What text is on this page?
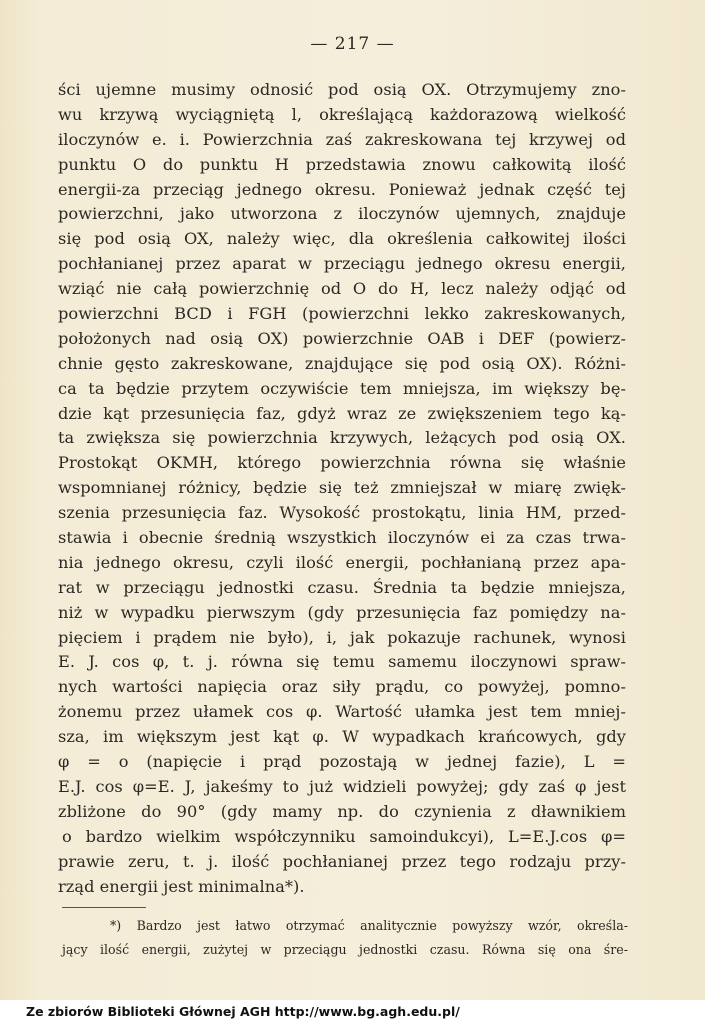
— 217 —
ści ujemne musimy odnosić pod osią OX. Otrzymujemy zno-
wu krzywą wyciągniętą l, określającą każdorazową wielkość
iloczynów e. i. Powierzchnia zaś zakreskowana tej krzywej od
punktu O do punktu H przedstawia znowu całkowitą ilość
energii-za przeciąg jednego okresu. Ponieważ jednak część tej
powierzchni, jako utworzona z iloczynów ujemnych, znajduje
się pod osią OX, należy więc, dla określenia całkowitej ilości
pochłanianej przez aparat w przeciągu jednego okresu energii,
wziąć nie całą powierzchnię od O do H, lecz należy odjąć od
powierzchni BCD i FGH (powierzchni lekko zakreskowanych,
położonych nad osią OX) powierzchnie OAB i DEF (powierz-
chnie gęsto zakreskowane, znajdujące się pod osią OX). Różni-
ca ta będzie przytem oczywiście tem mniejsza, im większy bę-
dzie kąt przesunięcia faz, gdyż wraz ze zwiększeniem tego ką-
ta zwiększa się powierzchnia krzywych, leżących pod osią OX.
Prostokąt OKMH, którego powierzchnia równa się właśnie
wspomnianej różnicy, będzie się też zmniejszał w miarę zwięk-
szenia przesunięcia faz. Wysokość prostokątu, linia HM, przed-
stawia i obecnie średnią wszystkich iloczynów ei za czas trwa-
nia jednego okresu, czyli ilość energii, pochłanianą przez apa-
rat w przeciągu jednostki czasu. Średnia ta będzie mniejsza,
niż w wypadku pierwszym (gdy przesunięcia faz pomiędzy na-
pięciem i prądem nie było), i, jak pokazuje rachunek, wynosi
E. J. cos φ, t. j. równa się temu samemu iloczynowi spraw-
nych wartości napięcia oraz siły prądu, co powyżej, pomno-
żonemu przez ułamek cos φ. Wartość ułamka jest tem mniej-
sza, im większym jest kąt φ. W wypadkach krańcowych, gdy
φ = o (napięcie i prąd pozostają w jednej fazie), L =
E.J. cos φ=E. J, jakeśmy to już widzieli powyżej; gdy zaś φ jest
zbliżone do 90° (gdy mamy np. do czynienia z dławnikiem
o bardzo wielkim współczynniku samoindukcyi), L=E.J.cos φ=
prawie zeru, t. j. ilość pochłanianej przez tego rodzaju przy-
rząd energii jest minimalna*).
*) Bardzo jest łatwo otrzymać analitycznie powyższy wzór, określa-
jący ilość energii, zużytej w przeciągu jednostki czasu. Równa się ona śre-
Ze zbiorów Biblioteki Głównej AGH http://www.bg.agh.edu.pl/
